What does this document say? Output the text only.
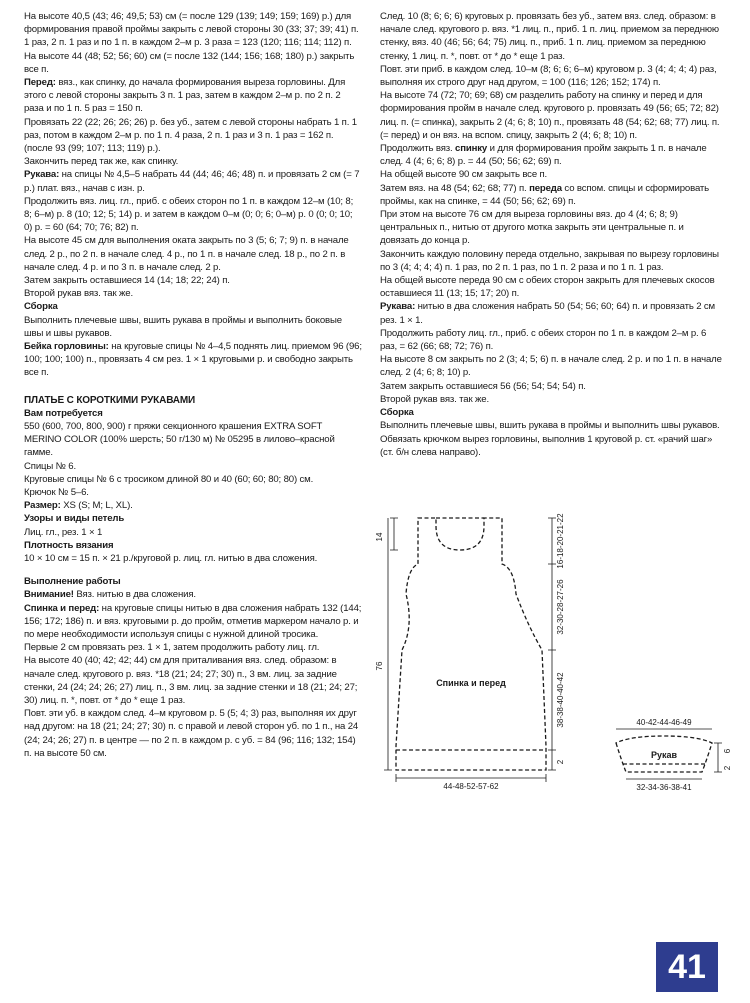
На высоте 40,5 (43; 46; 49,5; 53) см (= после 129 (139; 149; 159; 169) р.) для формирования правой проймы закрыть с левой стороны 30 (33; 37; 39; 41) п. 1 раз, 2 п. 1 раз и по 1 п. в каждом 2–м р. 3 раза = 123 (120; 116; 114; 112) п.

На высоте 44 (48; 52; 56; 60) см (= после 132 (144; 156; 168; 180) р.) закрыть все п.

Перед: вяз., как спинку, до начала формирования выреза горловины. Для этого с левой стороны закрыть 3 п. 1 раз, затем в каждом 2–м р. по 2 п. 2 раза и по 1 п. 5 раз = 150 п.

Провязать 22 (22; 26; 26; 26) р. без уб., затем с левой стороны набрать 1 п. 1 раз, потом в каждом 2–м р. по 1 п. 4 раза, 2 п. 1 раз и 3 п. 1 раз = 162 п. (после 93 (99; 107; 113; 119) р.).

Закончить перед так же, как спинку.

Рукава: на спицы № 4,5–5 набрать 44 (44; 46; 46; 48) п. и провязать 2 см (= 7 р.) плат. вяз., начав с изн. р.

Продолжить вяз. лиц. гл., приб. с обеих сторон по 1 п. в каждом 12–м (10; 8; 8; 6–м) р. 8 (10; 12; 5; 14) р. и затем в каждом 0–м (0; 0; 6; 0–м) р. 0 (0; 0; 10; 0) р. = 60 (64; 70; 76; 82) п.

На высоте 45 см для выполнения оката закрыть по 3 (5; 6; 7; 9) п. в начале след. 2 р., по 2 п. в начале след. 4 р., по 1 п. в начале след. 18 р., по 2 п. в начале след. 4 р. и по 3 п. в начале след. 2 р.

Затем закрыть оставшиеся 14 (14; 18; 22; 24) п.

Второй рукав вяз. так же.

Сборка

Выполнить плечевые швы, вшить рукава в проймы и выполнить боковые швы и швы рукавов.

Бейка горловины: на круговые спицы № 4–4,5 поднять лиц. приемом 96 (96; 100; 100; 100) п., провязать 4 см рез. 1 × 1 круговыми р. и свободно закрыть все п.

ПЛАТЬЕ С КОРОТКИМИ РУКАВАМИ
Вам потребуется

550 (600, 700, 800, 900) г пряжи секционного крашения EXTRA SOFT MERINO COLOR (100% шерсть; 50 г/130 м) № 05295 в лилово–красной гамме.

Спицы № 6.

Круговые спицы № 6 с тросиком длиной 80 и 40 (60; 60; 80; 80) см.

Крючок № 5–6.

Размер: XS (S; M; L, XL).

Узоры и виды петель

Лиц. гл., рез. 1 × 1

Плотность вязания

10 × 10 см = 15 п. × 21 р./круговой р. лиц. гл. нитью в два сложения.

Выполнение работы

Внимание! Вяз. нитью в два сложения.

Спинка и перед: на круговые спицы нитью в два сложения набрать 132 (144; 156; 172; 186) п. и вяз. круговыми р. до пройм, отметив маркером начало р. и по мере необходимости используя спицы с нужной длиной тросика.

Первые 2 см провязать рез. 1 × 1, затем продолжить работу лиц. гл.

На высоте 40 (40; 42; 42; 44) см для приталивания вяз. след. образом: в начале след. кругового р. вяз. *18 (21; 24; 27; 30) п., 3 вм. лиц. за задние стенки, 24 (24; 24; 26; 27) лиц. п., 3 вм. лиц. за задние стенки и 18 (21; 24; 27; 30) лиц. п. *, повт. от * до * еще 1 раз.

Повт. эти уб. в каждом след. 4–м круговом р. 5 (5; 4; 3) раз, выполняя их друг над другом: на 18 (21; 24; 27; 30) п. с правой и левой сторон уб. по 1 п., на 24 (24; 24; 26; 27) п. в центре — по 2 п. в каждом р. с уб. = 84 (96; 116; 132; 154) п. на высоте 50 см.

След. 10 (8; 6; 6; 6) круговых р. провязать без уб., затем вяз. след. образом: в начале след. кругового р. вяз. *1 лиц. п., приб. 1 п. лиц. приемом за переднюю стенку, вяз. 40 (46; 56; 64; 75) лиц. п., приб. 1 п. лиц. приемом за переднюю стенку, 1 лиц. п. *, повт. от * до * еще 1 раз.

Повт. эти приб. в каждом след. 10–м (8; 6; 6; 6–м) круговом р. 3 (4; 4; 4; 4) раз, выполняя их строго друг над другом, = 100 (116; 126; 152; 174) п.

На высоте 74 (72; 70; 69; 68) см разделить работу на спинку и перед и для формирования пройм в начале след. кругового р. провязать 49 (56; 65; 72; 82) лиц. п. (= спинка), закрыть 2 (4; 6; 8; 10) п., провязать 48 (54; 62; 68; 77) лиц. п. (= перед) и он вяз. на вспом. спицу, закрыть 2 (4; 6; 8; 10) п.

Продолжить вяз. спинку и для формирования пройм закрыть 1 п. в начале след. 4 (4; 6; 6; 8) р. = 44 (50; 56; 62; 69) п.

На общей высоте 90 см закрыть все п.

Затем вяз. на 48 (54; 62; 68; 77) п. переда со вспом. спицы и сформировать проймы, как на спинке, = 44 (50; 56; 62; 69) п.

При этом на высоте 76 см для выреза горловины вяз. до 4 (4; 6; 8; 9) центральных п., нитью от другого мотка закрыть эти центральные п. и довязать до конца р.

Закончить каждую половину переда отдельно, закрывая по вырезу горловины по 3 (4; 4; 4; 4) п. 1 раз, по 2 п. 1 раз, по 1 п. 2 раза и по 1 п. 1 раз.

На общей высоте переда 90 см с обеих сторон закрыть для плечевых скосов оставшиеся 11 (13; 15; 17; 20) п.

Рукава: нитью в два сложения набрать 50 (54; 56; 60; 64) п. и провязать 2 см рез. 1 × 1.

Продолжить работу лиц. гл., приб. с обеих сторон по 1 п. в каждом 2–м р. 6 раз, = 62 (66; 68; 72; 76) п.

На высоте 8 см закрыть по 2 (3; 4; 5; 6) п. в начале след. 2 р. и по 1 п. в начале след. 2 (4; 6; 8; 10) р.

Затем закрыть оставшиеся 56 (56; 54; 54; 54) п.

Второй рукав вяз. так же.

Сборка

Выполнить плечевые швы, вшить рукава в проймы и выполнить швы рукавов.

Обвязать крючком вырез горловины, выполнив 1 круговой р. ст. «рачий шаг» (ст. б/н слева направо).

14	16-18-20-21-22
32-30-28-27-26
38-38-40-40-42
2
76
Спинка и перед
44-48-52-57-62
40-42-44-46-49
Рукав
32-34-36-38-41
6
2
41
